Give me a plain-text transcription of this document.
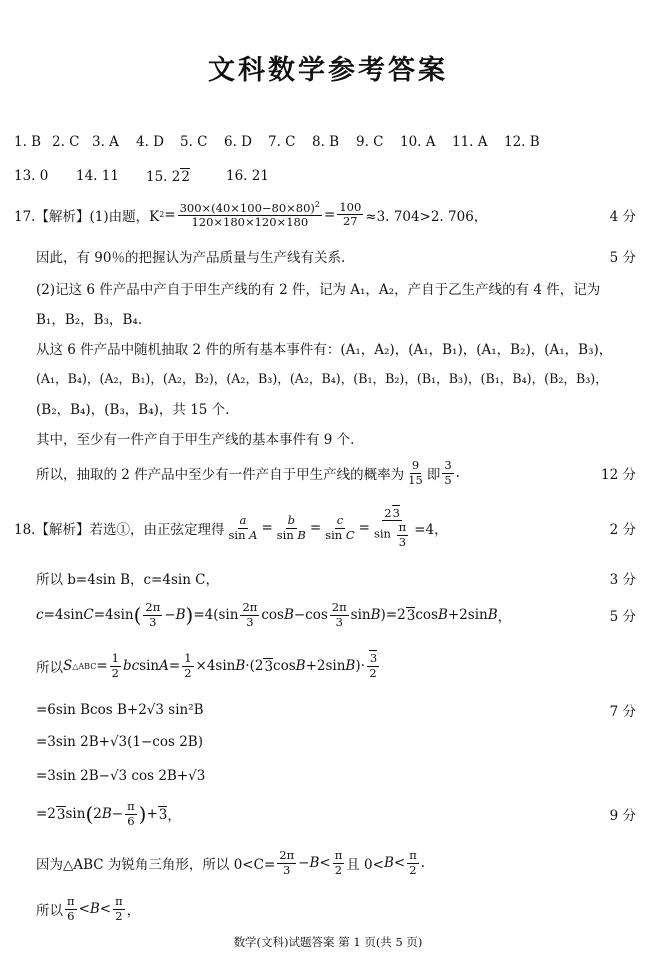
文科数学参考答案
1. B 2. C 3. A	4. D	5. C	6. D	7. C	8. B	9. C	10. A	11. A	12. B
13. 0	14. 11	15. 22	16. 21
17.【解析】(1)由题，K $2 = \frac{300\times(40\times 100-80\times 80)^2}{120\times 180\times 120\times 180} = \frac{100}{27} \approx 3$. 704>2. 706，	4 分
因此，有 90％的把握认为产品质量与生产线有关系.	5 分
(2)记这 6 件产品中产自于甲生产线的有 2 件，记为 A₁，A₂，产自于乙生产线的有 4 件，记为
B₁，B₂，B₃，B₄.
从这 6 件产品中随机抽取 2 件的所有基本事件有：(A₁，A₂)，(A₁，B₁)，(A₁，B₂)，(A₁，B₃)，
(A₁，B₄)，(A₂，B₁)，(A₂，B₂)，(A₂，B₃)，(A₂，B₄)，(B₁，B₂)，(B₁，B₃)，(B₁，B₄)，(B₂，B₃)，
(B₂，B₄)，(B₃，B₄)，共 15 个.
其中，至少有一件产自于甲生产线的基本事件有 9 个.
所以，抽取的 2 件产品中至少有一件产自于甲生产线的概率为 $\frac{9}{15}$ 即 $\frac{3}{5}$ .	12 分
18.【解析】若选①，由正弦定理得 $\frac{a}{\text{sin A}} = \frac{b}{\text{sin B}} = \frac{c}{\text{sin C}} = \frac{23}{\sin \frac{\pi}{3}} =4$，	2 分
所以 b=4sin B，c=4sin C，	3 分
c =4sin C =4sin ( $\frac{2\pi}{3} - B$ ) $=4(\sin \frac{2\pi}{3}$ $\cos B -\cos \frac{2\pi}{3}$ sin B )=2 3 cos B +2sin B ，	5 分
所以 S △ABC = $\frac{1}{2}$ bc $\sin A = \frac{1}{2} \times 4\sin$ B ·(2 3 cos B +2sin B )· $\frac{3}{2}$
=6sin Bcos B+2√3 sin²B	7 分
=3sin 2B+√3(1−cos 2B)
=3sin 2B−√3 cos 2B+√3
=2 3 sin ( 2 $B - \frac{\pi}{6}$ ) + 3 ，	9 分
因为△ABC 为锐角三角形，所以 $0<C= \frac{2\pi}{3} - B < \frac{\pi}{2}$ 且 $0< B < \frac{\pi}{2}$ .
所以 $\frac{\pi}{6} < B < \frac{\pi}{2}$ ，
数学(文科)试题答案 第 1 页(共 5 页)
